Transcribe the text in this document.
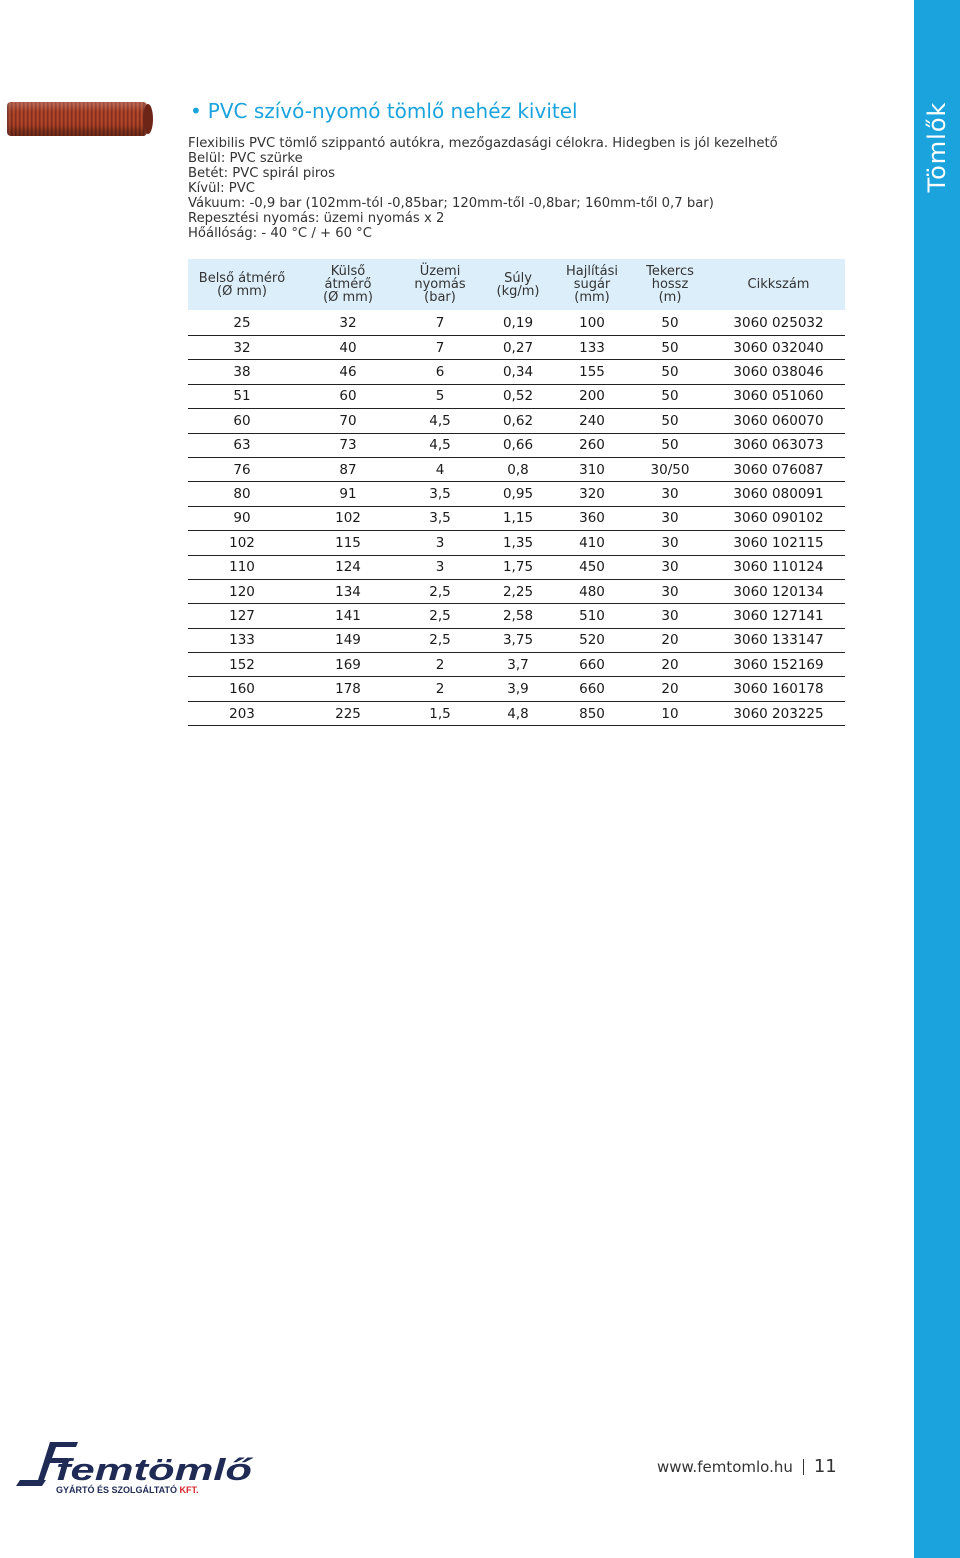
Tömlők
• PVC szívó-nyomó tömlő nehéz kivitel
Flexibilis PVC tömlő szippantó autókra, mezőgazdasági célokra. Hidegben is jól kezelhető
Belül: PVC szürke
Betét: PVC spirál piros
Kívül: PVC
Vákuum: -0,9 bar (102mm-tól -0,85bar; 120mm-től -0,8bar; 160mm-től 0,7 bar)
Repesztési nyomás: üzemi nyomás x 2
Hőállóság: - 40 °C / + 60 °C
Belső átmérő
(Ø mm)	Külső
átmérő
(Ø mm)	Üzemi
nyomás
(bar)	Súly
(kg/m)	Hajlítási
sugár
(mm)	Tekercs
hossz
(m)	Cikkszám
25	32	7	0,19	100	50	3060 025032
32	40	7	0,27	133	50	3060 032040
38	46	6	0,34	155	50	3060 038046
51	60	5	0,52	200	50	3060 051060
60	70	4,5	0,62	240	50	3060 060070
63	73	4,5	0,66	260	50	3060 063073
76	87	4	0,8	310	30/50	3060 076087
80	91	3,5	0,95	320	30	3060 080091
90	102	3,5	1,15	360	30	3060 090102
102	115	3	1,35	410	30	3060 102115
110	124	3	1,75	450	30	3060 110124
120	134	2,5	2,25	480	30	3060 120134
127	141	2,5	2,58	510	30	3060 127141
133	149	2,5	3,75	520	20	3060 133147
152	169	2	3,7	660	20	3060 152169
160	178	2	3,9	660	20	3060 160178
203	225	1,5	4,8	850	10	3060 203225
femtömlő
GYÁRTÓ ÉS SZOLGÁLTATÓ KFT.
www.femtomlo.hu 11
